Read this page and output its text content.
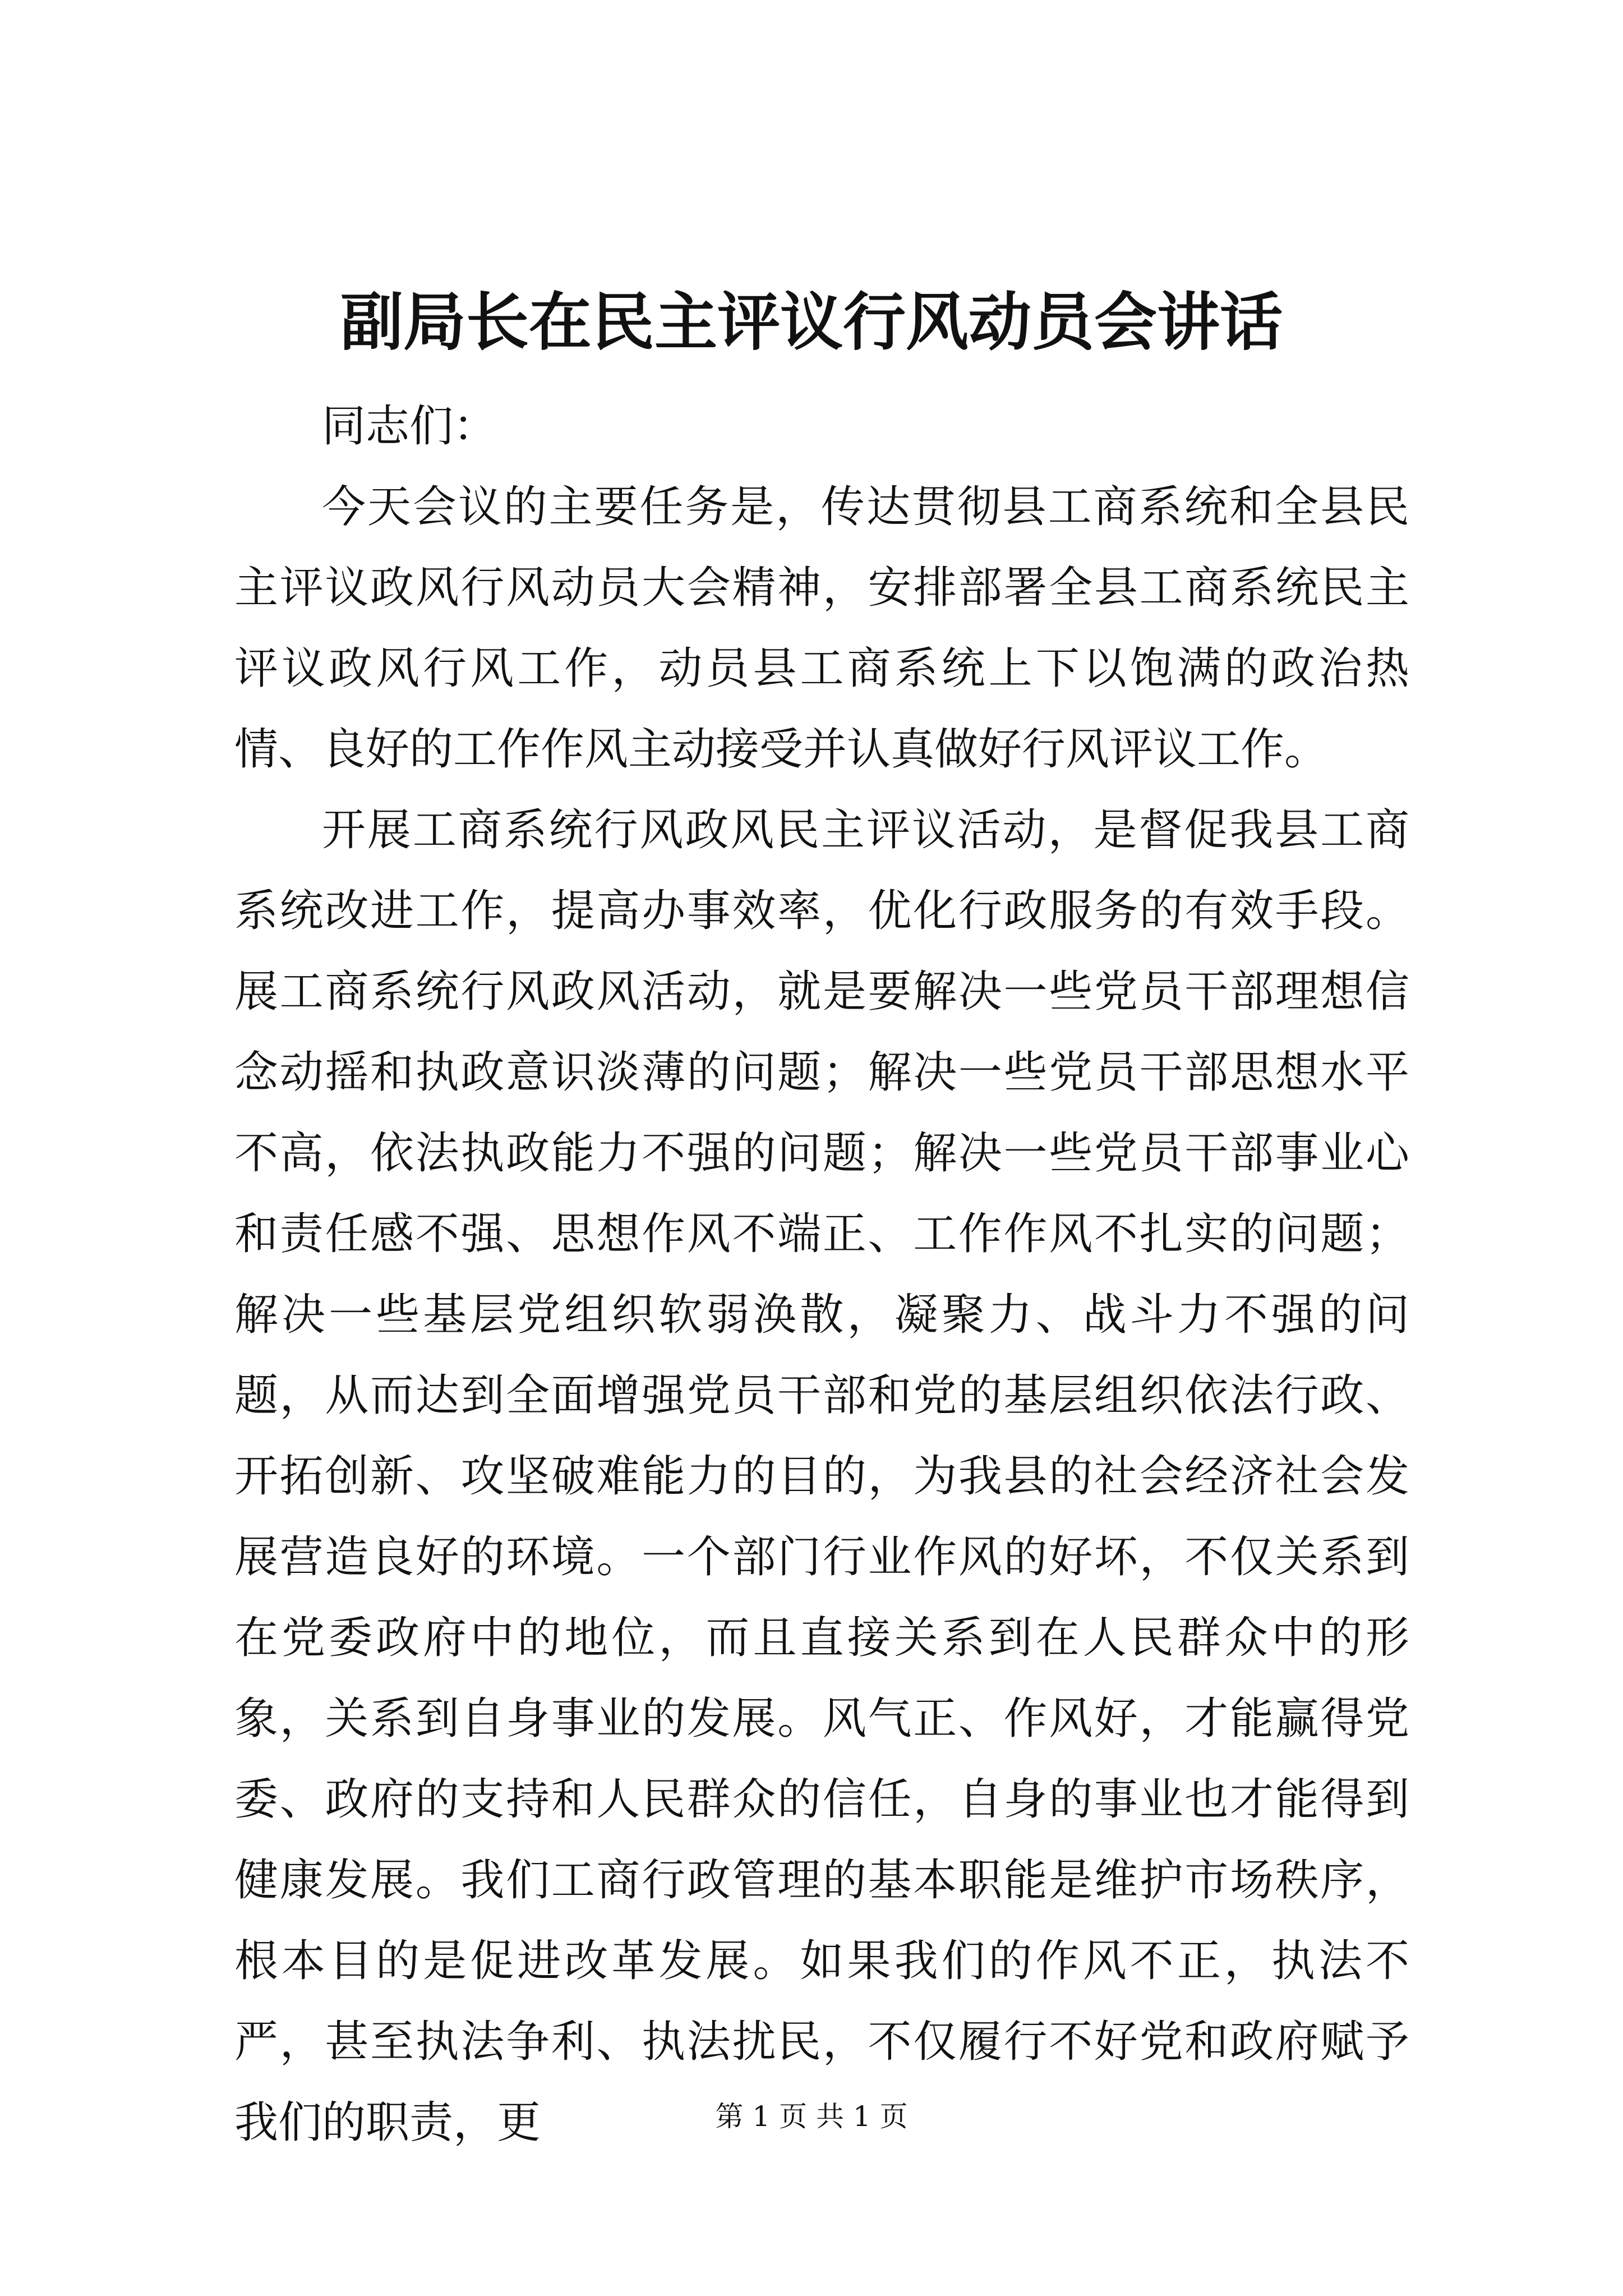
副局长在民主评议行风动员会讲话

同志们：

今天会议的主要任务是，传达贯彻县工商系统和全县民主评议政风行风动员大会精神，安排部署全县工商系统民主评议政风行风工作，动员县工商系统上下以饱满的政治热情、良好的工作作风主动接受并认真做好行风评议工作。

开展工商系统行风政风民主评议活动，是督促我县工商系统改进工作，提高办事效率，优化行政服务的有效手段。展工商系统行风政风活动，就是要解决一些党员干部理想信念动摇和执政意识淡薄的问题；解决一些党员干部思想水平不高，依法执政能力不强的问题；解决一些党员干部事业心和责任感不强、思想作风不端正、工作作风不扎实的问题；解决一些基层党组织软弱涣散，凝聚力、战斗力不强的问题，从而达到全面增强党员干部和党的基层组织依法行政、开拓创新、攻坚破难能力的目的，为我县的社会经济社会发展营造良好的环境。一个部门行业作风的好坏，不仅关系到在党委政府中的地位，而且直接关系到在人民群众中的形象，关系到自身事业的发展。风气正、作风好，才能赢得党委、政府的支持和人民群众的信任，自身的事业也才能得到健康发展。我们工商行政管理的基本职能是维护市场秩序，根本目的是促进改革发展。如果我们的作风不正，执法不严，甚至执法争利、执法扰民，不仅履行不好党和政府赋予我们的职责，更	第 1 页 共 1 页
